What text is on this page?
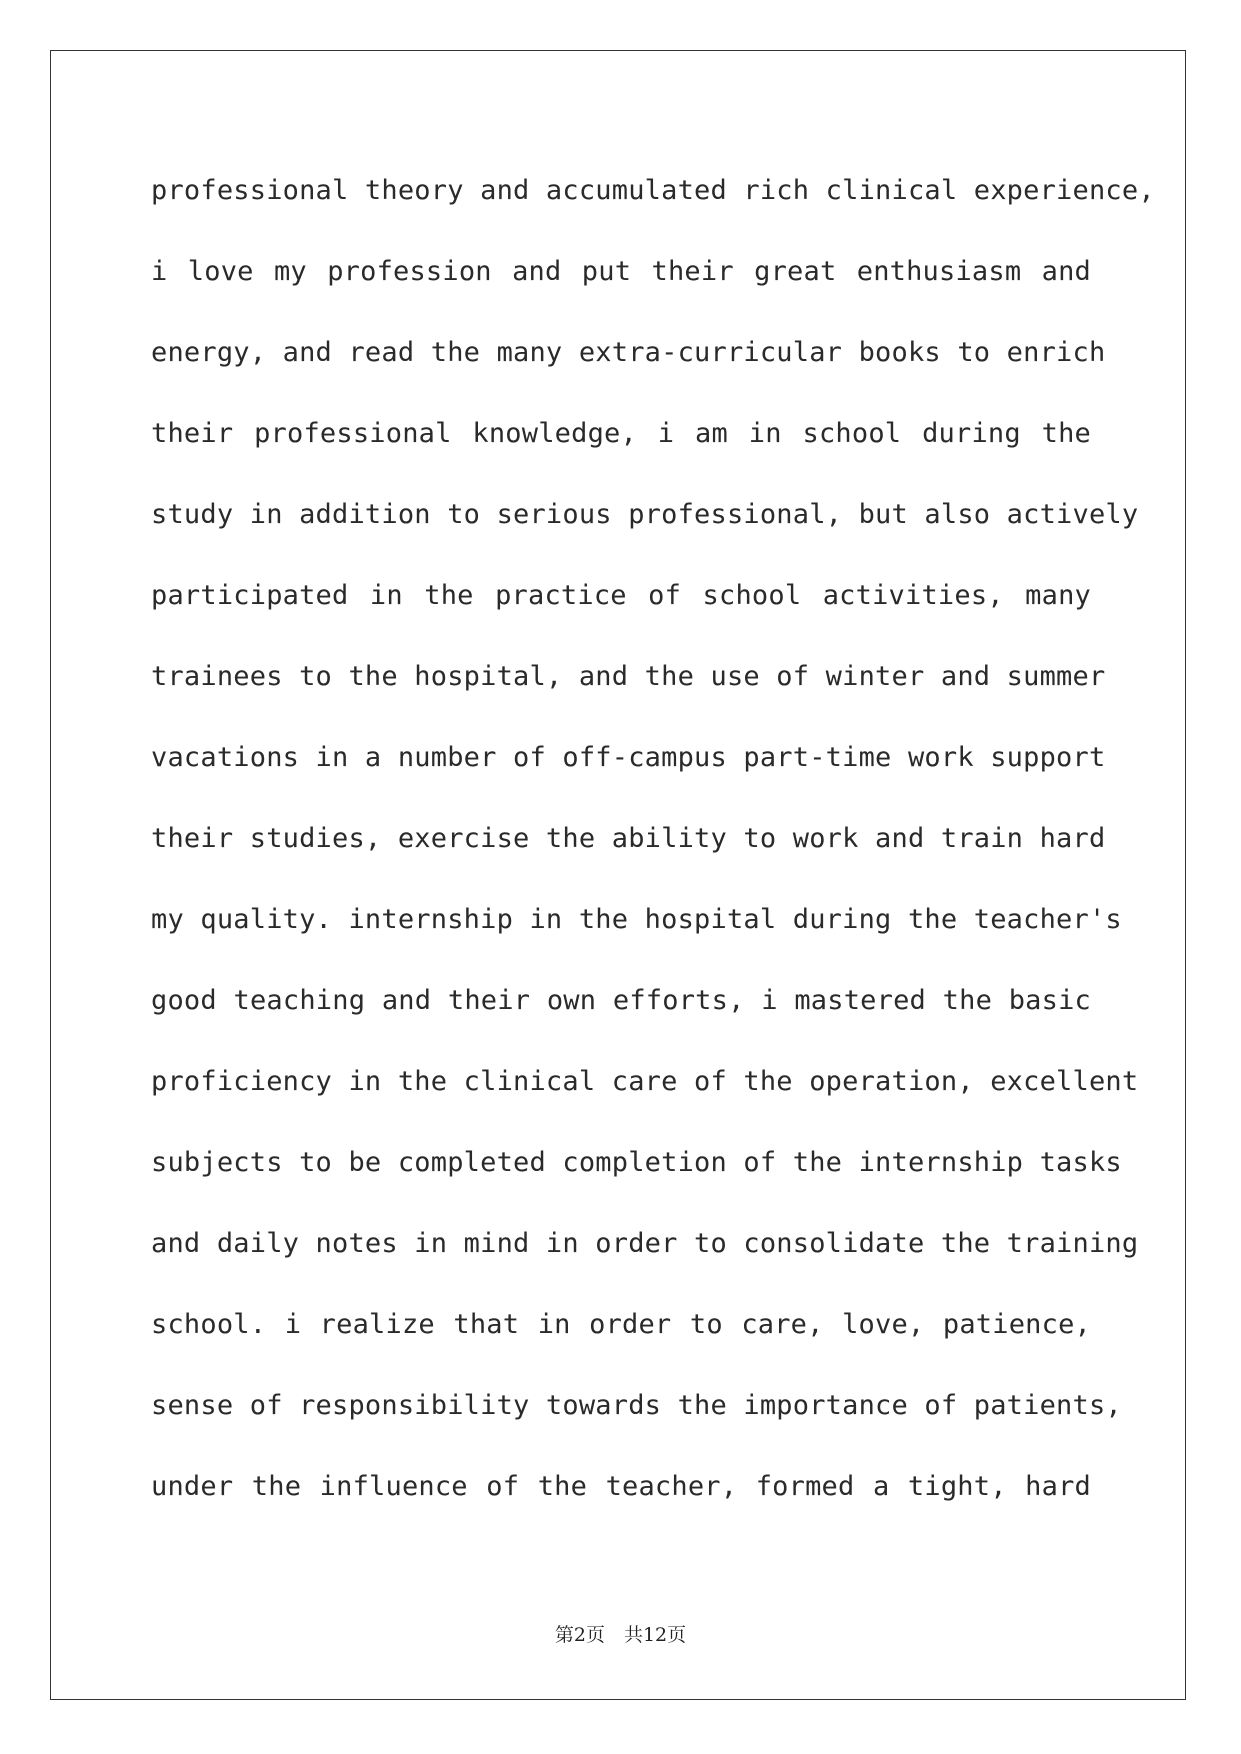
professional theory and accumulated rich clinical experience,
i love my profession and put their great enthusiasm and
energy, and read the many extra-curricular books to enrich
their professional knowledge, i am in school during the
study in addition to serious professional, but also actively
participated in the practice of school activities, many
trainees to the hospital, and the use of winter and summer
vacations in a number of off-campus part-time work support
their studies, exercise the ability to work and train hard
my quality. internship in the hospital during the teacher's
good teaching and their own efforts, i mastered the basic
proficiency in the clinical care of the operation, excellent
subjects to be completed completion of the internship tasks
and daily notes in mind in order to consolidate the training
school. i realize that in order to care, love, patience,
sense of responsibility towards the importance of patients,
under the influence of the teacher, formed a tight, hard
第2页　共12页
